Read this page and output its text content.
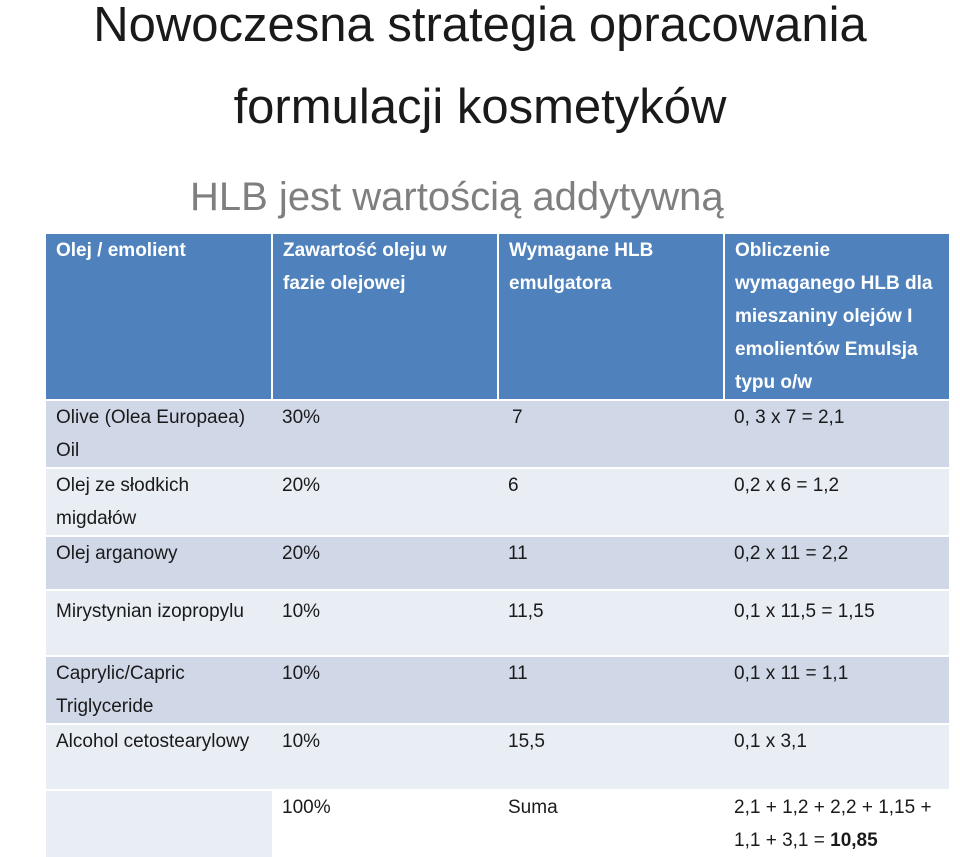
Nowoczesna strategia opracowania
formulacji kosmetyków
HLB jest wartością addytywną
Olej / emolient	Zawartość oleju w fazie olejowej	Wymagane HLB emulgatora	Obliczenie wymaganego HLB dla mieszaniny olejów I emolientów Emulsja typu o/w
Olive (Olea Europaea) Oil	30%	7	0, 3 x 7 = 2,1
Olej ze słodkich migdałów	20%	6	0,2 x 6 = 1,2
Olej arganowy	20%	11	0,2 x 11 = 2,2
Mirystynian izopropylu	10%	11,5	0,1 x 11,5 = 1,15
Caprylic/Capric Triglyceride	10%	11	0,1 x 11 = 1,1
Alcohol cetostearylowy	10%	15,5	0,1 x 3,1
	100%	Suma	2,1 + 1,2 + 2,2 + 1,15 + 1,1 + 3,1 = 10,85
